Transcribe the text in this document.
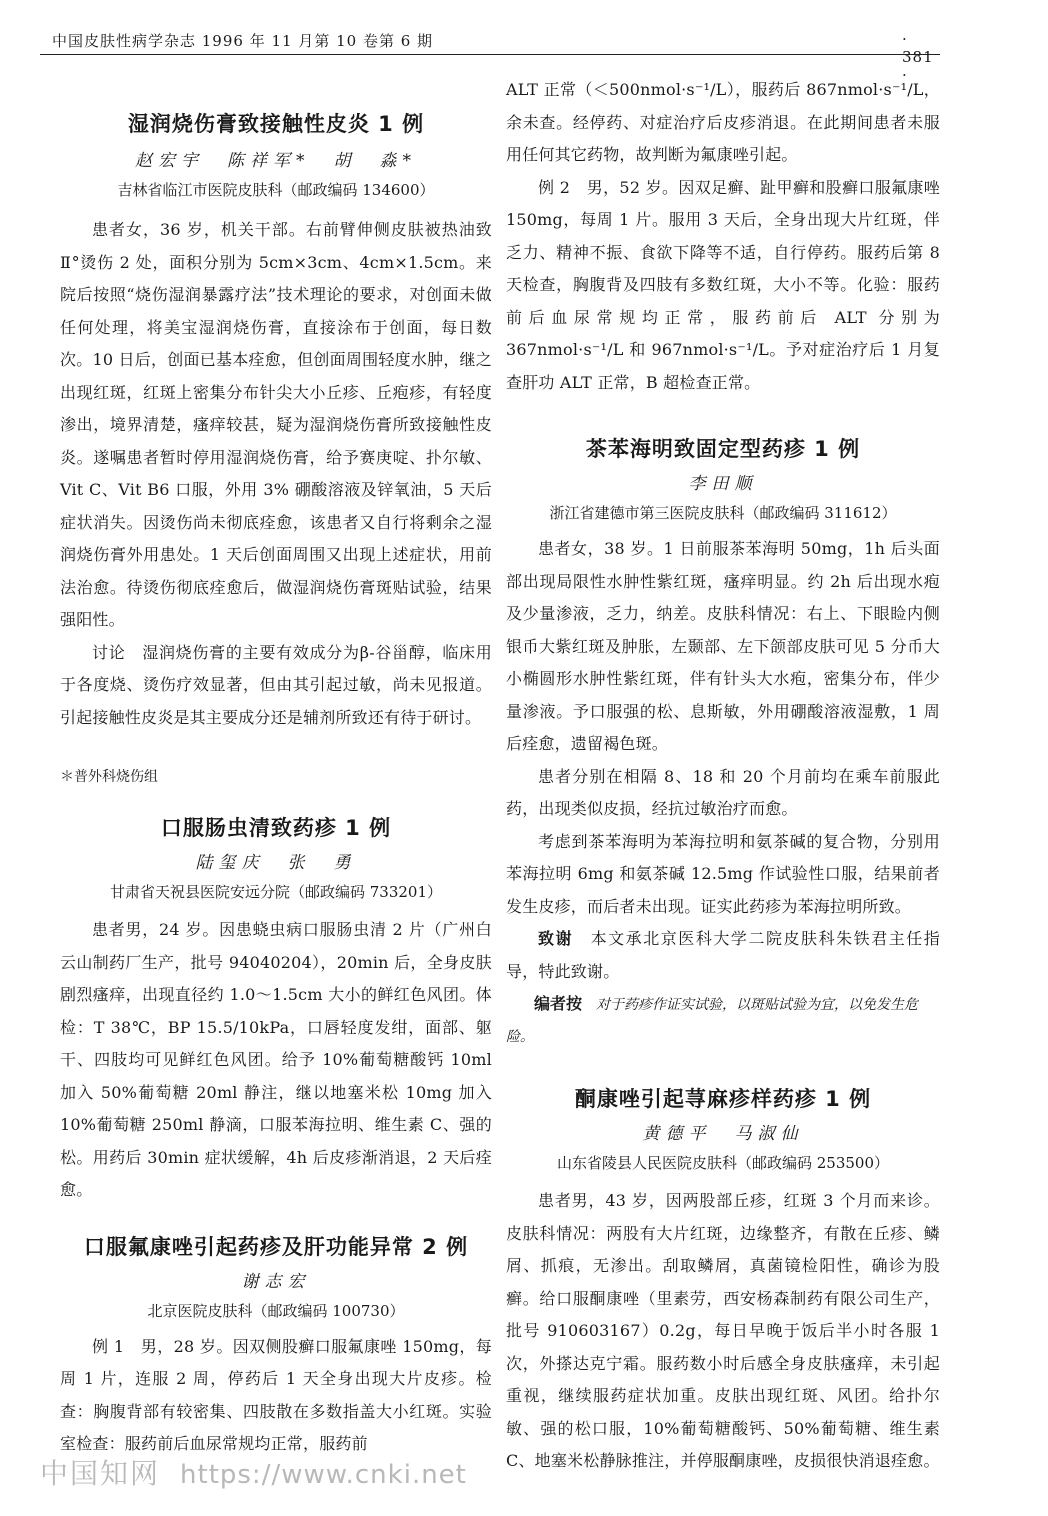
中国皮肤性病学杂志 1996 年 11 月第 10 卷第 6 期	· 381 ·

湿润烧伤膏致接触性皮炎 1 例

赵宏宇　陈祥军*　胡　淼*

吉林省临江市医院皮肤科（邮政编码 134600）

患者女，36 岁，机关干部。右前臂伸侧皮肤被热油致Ⅱ°烫伤 2 处，面积分别为 5cm×3cm、4cm×1.5cm。来院后按照“烧伤湿润暴露疗法”技术理论的要求，对创面未做任何处理，将美宝湿润烧伤膏，直接涂布于创面，每日数次。10 日后，创面已基本痊愈，但创面周围轻度水肿，继之出现红斑，红斑上密集分布针尖大小丘疹、丘疱疹，有轻度渗出，境界清楚，瘙痒较甚，疑为湿润烧伤膏所致接触性皮炎。遂嘱患者暂时停用湿润烧伤膏，给予赛庚啶、扑尔敏、Vit C、Vit B6 口服，外用 3% 硼酸溶液及锌氧油，5 天后症状消失。因烫伤尚未彻底痊愈，该患者又自行将剩余之湿润烧伤膏外用患处。1 天后创面周围又出现上述症状，用前法治愈。待烫伤彻底痊愈后，做湿润烧伤膏斑贴试验，结果强阳性。

讨论　湿润烧伤膏的主要有效成分为β-谷甾醇，临床用于各度烧、烫伤疗效显著，但由其引起过敏，尚未见报道。引起接触性皮炎是其主要成分还是辅剂所致还有待于研讨。

＊普外科烧伤组

口服肠虫清致药疹 1 例

陆玺庆　张　勇

甘肃省天祝县医院安远分院（邮政编码 733201）

患者男，24 岁。因患蛲虫病口服肠虫清 2 片（广州白云山制药厂生产，批号 94040204），20min 后，全身皮肤剧烈瘙痒，出现直径约 1.0～1.5cm 大小的鲜红色风团。体检：T 38℃，BP 15.5/10kPa，口唇轻度发绀，面部、躯干、四肢均可见鲜红色风团。给予 10%葡萄糖酸钙 10ml 加入 50%葡萄糖 20ml 静注，继以地塞米松 10mg 加入 10%葡萄糖 250ml 静滴，口服苯海拉明、维生素 C、强的松。用药后 30min 症状缓解，4h 后皮疹渐消退，2 天后痊愈。

口服氟康唑引起药疹及肝功能异常 2 例

谢志宏

北京医院皮肤科（邮政编码 100730）

例 1　男，28 岁。因双侧股癣口服氟康唑 150mg，每周 1 片，连服 2 周，停药后 1 天全身出现大片皮疹。检查：胸腹背部有较密集、四肢散在多数指盖大小红斑。实验室检查：服药前后血尿常规均正常，服药前

ALT 正常（＜500nmol·s⁻¹/L），服药后 867nmol·s⁻¹/L，余未查。经停药、对症治疗后皮疹消退。在此期间患者未服用任何其它药物，故判断为氟康唑引起。

例 2　男，52 岁。因双足癣、趾甲癣和股癣口服氟康唑 150mg，每周 1 片。服用 3 天后，全身出现大片红斑，伴乏力、精神不振、食欲下降等不适，自行停药。服药后第 8 天检查，胸腹背及四肢有多数红斑，大小不等。化验：服药前后血尿常规均正常，服药前后 ALT 分别为 367nmol·s⁻¹/L 和 967nmol·s⁻¹/L。予对症治疗后 1 月复查肝功 ALT 正常，B 超检查正常。

茶苯海明致固定型药疹 1 例

李田顺

浙江省建德市第三医院皮肤科（邮政编码 311612）

患者女，38 岁。1 日前服茶苯海明 50mg，1h 后头面部出现局限性水肿性紫红斑，瘙痒明显。约 2h 后出现水疱及少量渗液，乏力，纳差。皮肤科情况：右上、下眼睑内侧银币大紫红斑及肿胀，左颞部、左下颌部皮肤可见 5 分币大小椭圆形水肿性紫红斑，伴有针头大水疱，密集分布，伴少量渗液。予口服强的松、息斯敏，外用硼酸溶液湿敷，1 周后痊愈，遗留褐色斑。

患者分别在相隔 8、18 和 20 个月前均在乘车前服此药，出现类似皮损，经抗过敏治疗而愈。

考虑到茶苯海明为苯海拉明和氨茶碱的复合物，分别用苯海拉明 6mg 和氨茶碱 12.5mg 作试验性口服，结果前者发生皮疹，而后者未出现。证实此药疹为苯海拉明所致。

致谢　本文承北京医科大学二院皮肤科朱铁君主任指导，特此致谢。

编者按　对于药疹作证实试验，以斑贴试验为宜，以免发生危险。

酮康唑引起荨麻疹样药疹 1 例

黄德平　马淑仙

山东省陵县人民医院皮肤科（邮政编码 253500）

患者男，43 岁，因两股部丘疹，红斑 3 个月而来诊。皮肤科情况：两股有大片红斑，边缘整齐，有散在丘疹、鳞屑、抓痕，无渗出。刮取鳞屑，真菌镜检阳性，确诊为股癣。给口服酮康唑（里素劳，西安杨森制药有限公司生产，批号 910603167）0.2g，每日早晚于饭后半小时各服 1 次，外搽达克宁霜。服药数小时后感全身皮肤瘙痒，未引起重视，继续服药症状加重。皮肤出现红斑、风团。给扑尔敏、强的松口服，10%葡萄糖酸钙、50%葡萄糖、维生素 C、地塞米松静脉推注，并停服酮康唑，皮损很快消退痊愈。

中国知网 https://www.cnki.net
